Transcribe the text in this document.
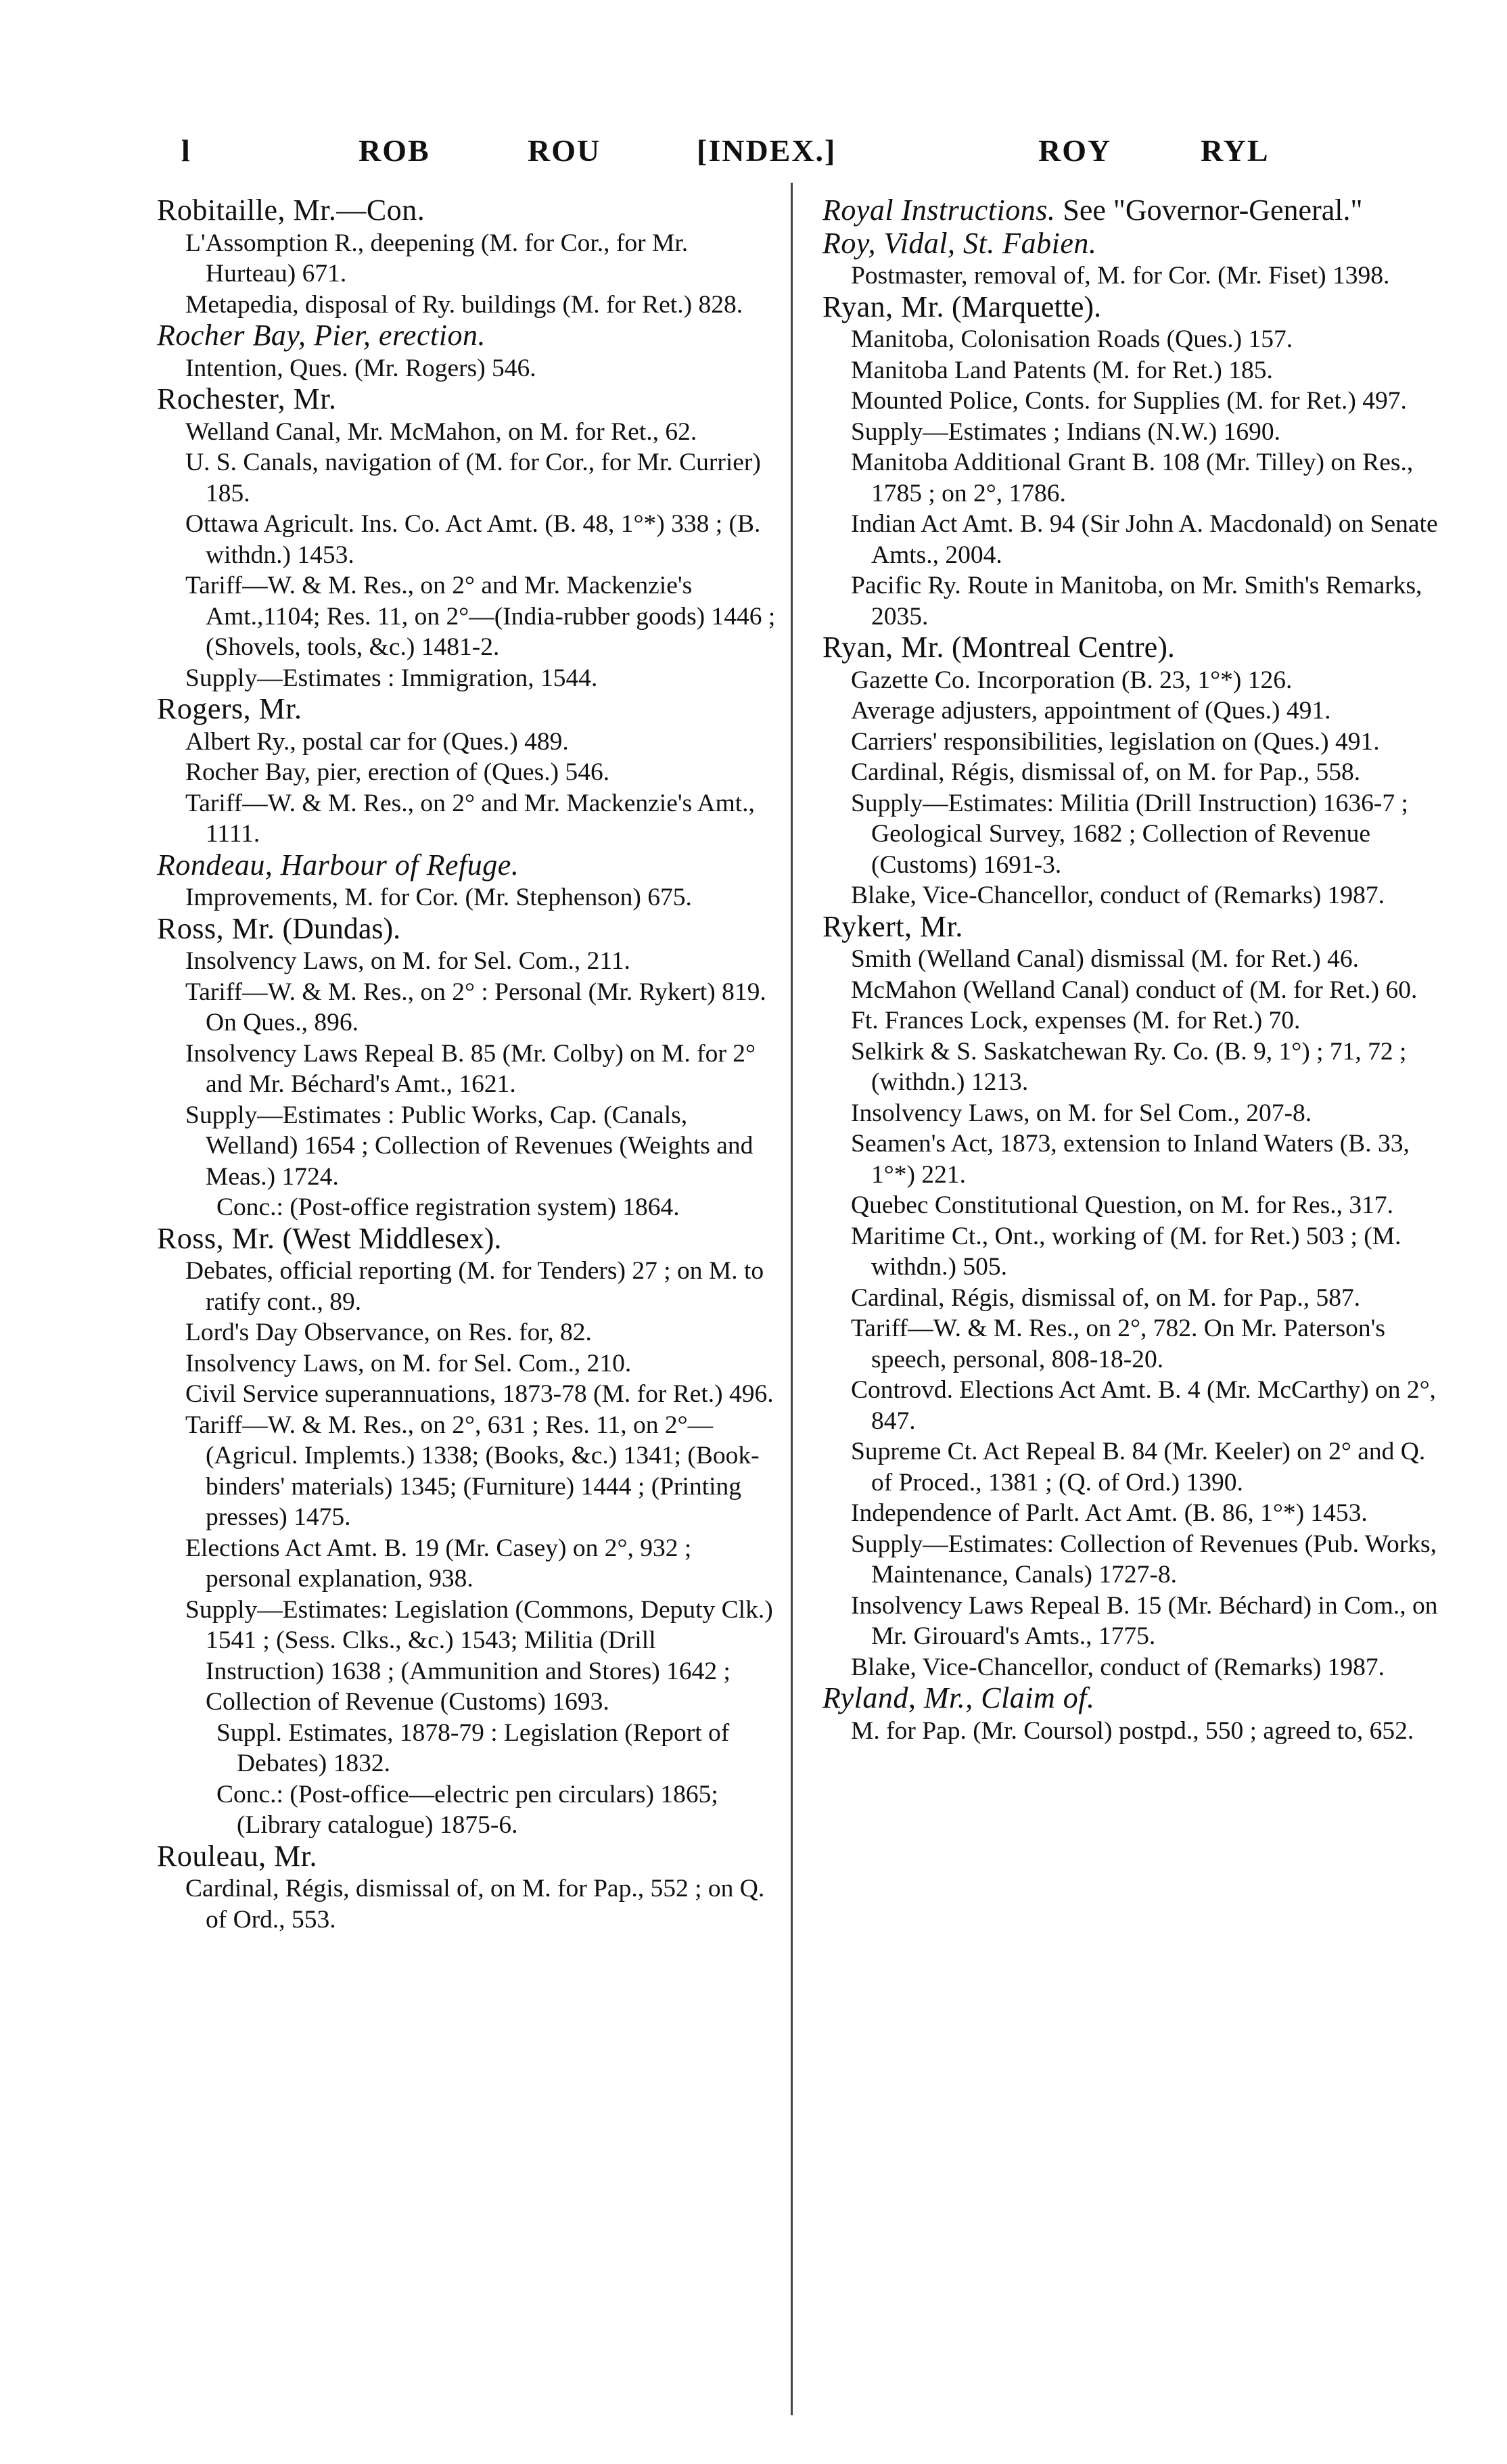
l	ROB	ROU	[INDEX.]	ROY	RYL
Robitaille, Mr.—Con.
L'Assomption R., deepening (M. for Cor., for Mr. Hurteau) 671.
Metapedia, disposal of Ry. buildings (M. for Ret.) 828.
Rocher Bay, Pier, erection.
Intention, Ques. (Mr. Rogers) 546.
Rochester, Mr.
Welland Canal, Mr. McMahon, on M. for Ret., 62.
U. S. Canals, navigation of (M. for Cor., for Mr. Currier) 185.
Ottawa Agricult. Ins. Co. Act Amt. (B. 48, 1°*) 338 ; (B. withdn.) 1453.
Tariff—W. & M. Res., on 2° and Mr. Mackenzie's Amt.,1104; Res. 11, on 2°—(India-rubber goods) 1446 ; (Shovels, tools, &c.) 1481-2.
Supply—Estimates : Immigration, 1544.
Rogers, Mr.
Albert Ry., postal car for (Ques.) 489.
Rocher Bay, pier, erection of (Ques.) 546.
Tariff—W. & M. Res., on 2° and Mr. Mackenzie's Amt., 1111.
Rondeau, Harbour of Refuge.
Improvements, M. for Cor. (Mr. Stephenson) 675.
Ross, Mr. (Dundas).
Insolvency Laws, on M. for Sel. Com., 211.
Tariff—W. & M. Res., on 2° : Personal (Mr. Rykert) 819. On Ques., 896.
Insolvency Laws Repeal B. 85 (Mr. Colby) on M. for 2° and Mr. Béchard's Amt., 1621.
Supply—Estimates : Public Works, Cap. (Canals, Welland) 1654 ; Collection of Revenues (Weights and Meas.) 1724.
Conc.: (Post-office registration system) 1864.
Ross, Mr. (West Middlesex).
Debates, official reporting (M. for Tenders) 27 ; on M. to ratify cont., 89.
Lord's Day Observance, on Res. for, 82.
Insolvency Laws, on M. for Sel. Com., 210.
Civil Service superannuations, 1873-78 (M. for Ret.) 496.
Tariff—W. & M. Res., on 2°, 631 ; Res. 11, on 2°—(Agricul. Implemts.) 1338; (Books, &c.) 1341; (Book-binders' materials) 1345; (Furniture) 1444 ; (Printing presses) 1475.
Elections Act Amt. B. 19 (Mr. Casey) on 2°, 932 ; personal explanation, 938.
Supply—Estimates: Legislation (Commons, Deputy Clk.) 1541 ; (Sess. Clks., &c.) 1543; Militia (Drill Instruction) 1638 ; (Ammunition and Stores) 1642 ; Collection of Revenue (Customs) 1693.
Suppl. Estimates, 1878-79 : Legislation (Report of Debates) 1832.
Conc.: (Post-office—electric pen circulars) 1865; (Library catalogue) 1875-6.
Rouleau, Mr.
Cardinal, Régis, dismissal of, on M. for Pap., 552 ; on Q. of Ord., 553.
Royal Instructions. See "Governor-General."
Roy, Vidal, St. Fabien.
Postmaster, removal of, M. for Cor. (Mr. Fiset) 1398.
Ryan, Mr. (Marquette).
Manitoba, Colonisation Roads (Ques.) 157.
Manitoba Land Patents (M. for Ret.) 185.
Mounted Police, Conts. for Supplies (M. for Ret.) 497.
Supply—Estimates ; Indians (N.W.) 1690.
Manitoba Additional Grant B. 108 (Mr. Tilley) on Res., 1785 ; on 2°, 1786.
Indian Act Amt. B. 94 (Sir John A. Macdonald) on Senate Amts., 2004.
Pacific Ry. Route in Manitoba, on Mr. Smith's Remarks, 2035.
Ryan, Mr. (Montreal Centre).
Gazette Co. Incorporation (B. 23, 1°*) 126.
Average adjusters, appointment of (Ques.) 491.
Carriers' responsibilities, legislation on (Ques.) 491.
Cardinal, Régis, dismissal of, on M. for Pap., 558.
Supply—Estimates: Militia (Drill Instruction) 1636-7 ; Geological Survey, 1682 ; Collection of Revenue (Customs) 1691-3.
Blake, Vice-Chancellor, conduct of (Remarks) 1987.
Rykert, Mr.
Smith (Welland Canal) dismissal (M. for Ret.) 46.
McMahon (Welland Canal) conduct of (M. for Ret.) 60.
Ft. Frances Lock, expenses (M. for Ret.) 70.
Selkirk & S. Saskatchewan Ry. Co. (B. 9, 1°) ; 71, 72 ; (withdn.) 1213.
Insolvency Laws, on M. for Sel Com., 207-8.
Seamen's Act, 1873, extension to Inland Waters (B. 33, 1°*) 221.
Quebec Constitutional Question, on M. for Res., 317.
Maritime Ct., Ont., working of (M. for Ret.) 503 ; (M. withdn.) 505.
Cardinal, Régis, dismissal of, on M. for Pap., 587.
Tariff—W. & M. Res., on 2°, 782. On Mr. Paterson's speech, personal, 808-18-20.
Controvd. Elections Act Amt. B. 4 (Mr. McCarthy) on 2°, 847.
Supreme Ct. Act Repeal B. 84 (Mr. Keeler) on 2° and Q. of Proced., 1381 ; (Q. of Ord.) 1390.
Independence of Parlt. Act Amt. (B. 86, 1°*) 1453.
Supply—Estimates: Collection of Revenues (Pub. Works, Maintenance, Canals) 1727-8.
Insolvency Laws Repeal B. 15 (Mr. Béchard) in Com., on Mr. Girouard's Amts., 1775.
Blake, Vice-Chancellor, conduct of (Remarks) 1987.
Ryland, Mr., Claim of.
M. for Pap. (Mr. Coursol) postpd., 550 ; agreed to, 652.
